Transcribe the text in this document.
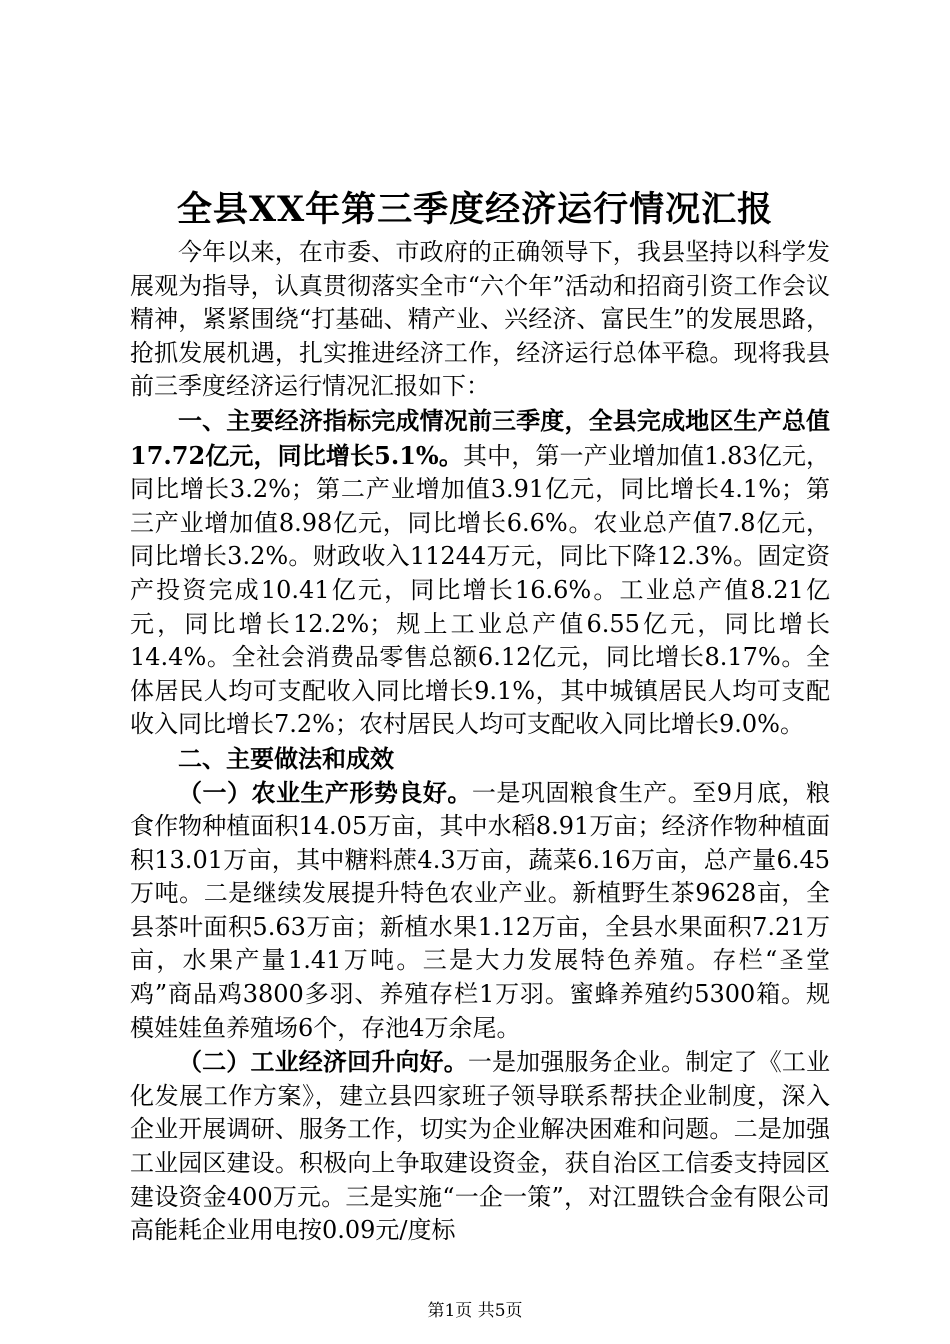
全县XX年第三季度经济运行情况汇报

今年以来，在市委、市政府的正确领导下，我县坚持以科学发展观为指导，认真贯彻落实全市“六个年”活动和招商引资工作会议精神，紧紧围绕“打基础、精产业、兴经济、富民生”的发展思路，抢抓发展机遇，扎实推进经济工作，经济运行总体平稳。现将我县前三季度经济运行情况汇报如下：

一、主要经济指标完成情况前三季度，全县完成地区生产总值17.72亿元，同比增长5.1%。其中，第一产业增加值1.83亿元，同比增长3.2%；第二产业增加值3.91亿元，同比增长4.1%；第三产业增加值8.98亿元，同比增长6.6%。农业总产值7.8亿元，同比增长3.2%。财政收入11244万元，同比下降12.3%。固定资产投资完成10.41亿元，同比增长16.6%。工业总产值8.21亿元，同比增长12.2%；规上工业总产值6.55亿元，同比增长14.4%。全社会消费品零售总额6.12亿元，同比增长8.17%。全体居民人均可支配收入同比增长9.1%，其中城镇居民人均可支配收入同比增长7.2%；农村居民人均可支配收入同比增长9.0%。

二、主要做法和成效

（一）农业生产形势良好。一是巩固粮食生产。至9月底，粮食作物种植面积14.05万亩，其中水稻8.91万亩；经济作物种植面积13.01万亩，其中糖料蔗4.3万亩，蔬菜6.16万亩，总产量6.45万吨。二是继续发展提升特色农业产业。新植野生茶9628亩，全县茶叶面积5.63万亩；新植水果1.12万亩，全县水果面积7.21万亩，水果产量1.41万吨。三是大力发展特色养殖。存栏“圣堂鸡”商品鸡3800多羽、养殖存栏1万羽。蜜蜂养殖约5300箱。规模娃娃鱼养殖场6个，存池4万余尾。

（二）工业经济回升向好。一是加强服务企业。制定了《工业化发展工作方案》，建立县四家班子领导联系帮扶企业制度，深入企业开展调研、服务工作，切实为企业解决困难和问题。二是加强工业园区建设。积极向上争取建设资金，获自治区工信委支持园区建设资金400万元。三是实施“一企一策”，对江盟铁合金有限公司高能耗企业用电按0.09元/度标

第1页 共5页
